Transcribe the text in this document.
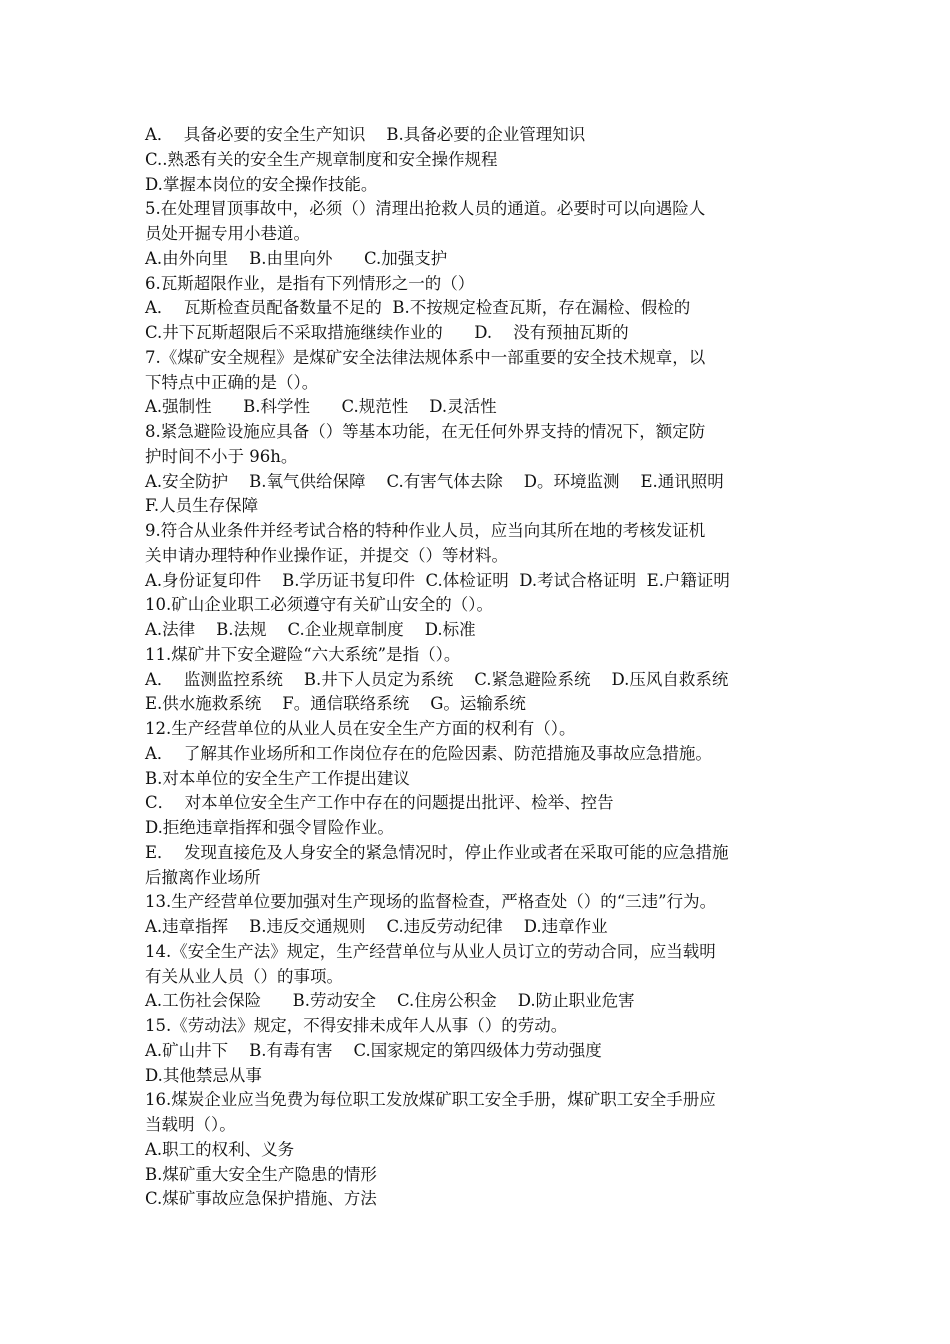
A．  具备必要的安全生产知识    B.具备必要的企业管理知识
C..熟悉有关的安全生产规章制度和安全操作规程
D.掌握本岗位的安全操作技能。
5.在处理冒顶事故中，必须（）清理出抢救人员的通道。必要时可以向遇险人
员处开掘专用小巷道。
A.由外向里    B.由里向外      C.加强支护
6.瓦斯超限作业，是指有下列情形之一的（）
A．  瓦斯检查员配备数量不足的  B.不按规定检查瓦斯，存在漏检、假检的
C.井下瓦斯超限后不采取措施继续作业的      D.    没有预抽瓦斯的
7.《煤矿安全规程》是煤矿安全法律法规体系中一部重要的安全技术规章，以
下特点中正确的是（）。
A.强制性      B.科学性      C.规范性    D.灵活性
8.紧急避险设施应具备（）等基本功能，在无任何外界支持的情况下，额定防
护时间不小于 96h。
A.安全防护    B.氧气供给保障    C.有害气体去除    D。环境监测    E.通讯照明
F.人员生存保障
9.符合从业条件并经考试合格的特种作业人员，应当向其所在地的考核发证机
关申请办理特种作业操作证，并提交（）等材料。
A.身份证复印件    B.学历证书复印件  C.体检证明  D.考试合格证明  E.户籍证明
10.矿山企业职工必须遵守有关矿山安全的（）。
A.法律    B.法规    C.企业规章制度    D.标准
11.煤矿井下安全避险“六大系统”是指（）。
A．  监测监控系统    B.井下人员定为系统    C.紧急避险系统    D.压风自救系统
E.供水施救系统    F。通信联络系统    G。运输系统
12.生产经营单位的从业人员在安全生产方面的权利有（）。
A．  了解其作业场所和工作岗位存在的危险因素、防范措施及事故应急措施。
B.对本单位的安全生产工作提出建议
C．  对本单位安全生产工作中存在的问题提出批评、检举、控告
D.拒绝违章指挥和强令冒险作业。
E．  发现直接危及人身安全的紧急情况时，停止作业或者在采取可能的应急措施
后撤离作业场所
13.生产经营单位要加强对生产现场的监督检查，严格查处（）的“三违”行为。
A.违章指挥    B.违反交通规则    C.违反劳动纪律    D.违章作业
14.《安全生产法》规定，生产经营单位与从业人员订立的劳动合同，应当载明
有关从业人员（）的事项。
A.工伤社会保险      B.劳动安全    C.住房公积金    D.防止职业危害
15.《劳动法》规定，不得安排未成年人从事（）的劳动。
A.矿山井下    B.有毒有害    C.国家规定的第四级体力劳动强度
D.其他禁忌从事
16.煤炭企业应当免费为每位职工发放煤矿职工安全手册，煤矿职工安全手册应
当载明（）。
A.职工的权利、义务
B.煤矿重大安全生产隐患的情形
C.煤矿事故应急保护措施、方法
